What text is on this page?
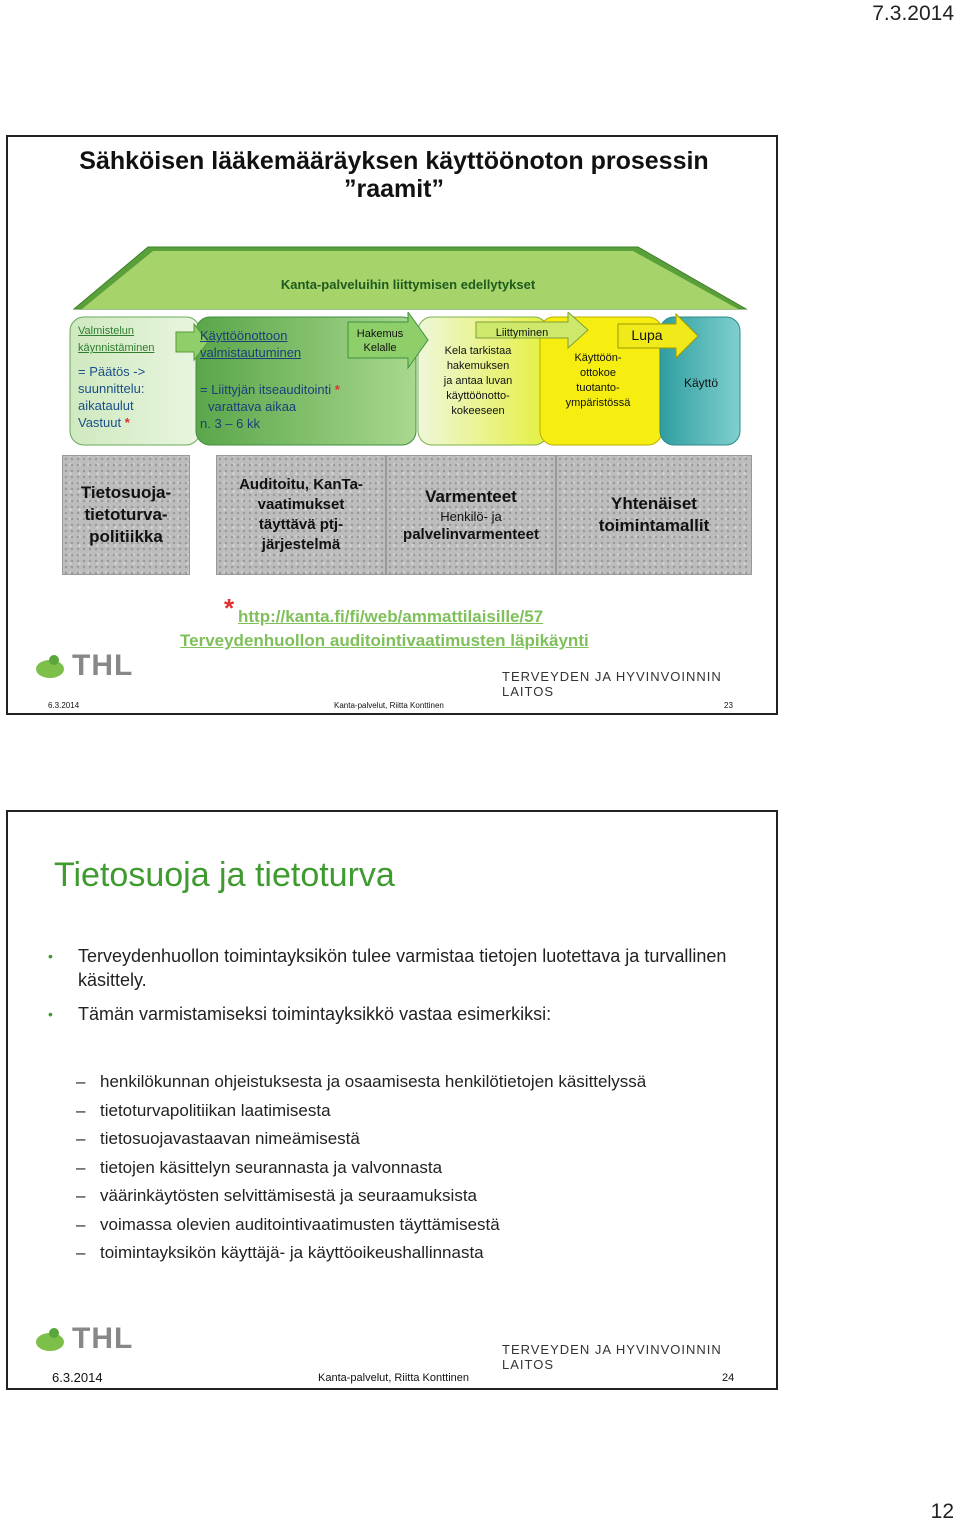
7.3.2014
Sähköisen lääkemääräyksen käyttöönoton prosessin
”raamit”
Kanta-palveluihin liittymisen edellytykset
Valmistelun käynnistäminen
= Päätös ->
suunnittelu:
aikataulut
Vastuut *
Käyttöönottoon
valmistautuminen
= Liittyjän itseauditointi *
varattava aikaa
n. 3 – 6 kk
Hakemus
Kelalle	Kela tarkistaa
hakemuksen
ja antaa luvan
käyttöönotto-
kokeeseen
Liittyminen
Käyttöön-
ottokoe
tuotanto-
ympäristössä
Lupa
Käyttö
Tietosuoja-
tietoturva-
politiikka
Auditoitu, KanTa-
vaatimukset
täyttävä ptj-
järjestelmä
Varmenteet
Henkilö- ja
palvelinvarmenteet
Yhtenäiset
toimintamallit
* http://kanta.fi/fi/web/ammattilaisille/57
Terveydenhuollon auditointivaatimusten läpikäynti
THL	TERVEYDEN JA HYVINVOINNIN LAITOS
6.3.2014	Kanta-palvelut, Riitta Konttinen	23
Tietosuoja ja tietoturva
• Terveydenhuollon toimintayksikön tulee varmistaa tietojen luotettava ja turvallinen käsittely.
• Tämän varmistamiseksi toimintayksikkö vastaa esimerkiksi:
– henkilökunnan ohjeistuksesta ja osaamisesta henkilötietojen käsittelyssä
– tietoturvapolitiikan laatimisesta
– tietosuojavastaavan nimeämisestä
– tietojen käsittelyn seurannasta ja valvonnasta
– väärinkäytösten selvittämisestä ja seuraamuksista
– voimassa olevien auditointivaatimusten täyttämisestä
– toimintayksikön käyttäjä- ja käyttöoikeushallinnasta
THL	TERVEYDEN JA HYVINVOINNIN LAITOS
6.3.2014	Kanta-palvelut, Riitta Konttinen	24
12
